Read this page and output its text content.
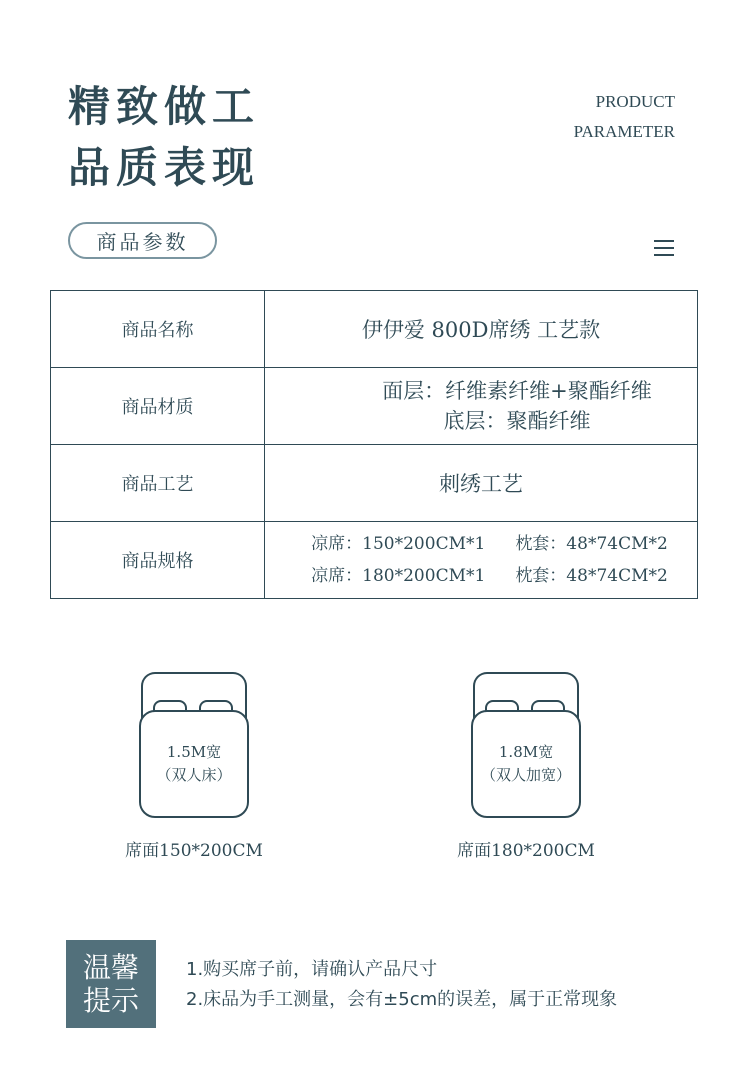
精致做工
品质表现
PRODUCT
PARAMETER
商品参数
商品名称	伊伊爱 800D席绣 工艺款
商品材质	面层：纤维素纤维+聚酯纤维
底层：聚酯纤维

商品工艺	刺绣工艺
商品规格	凉席：150*200CM*1 枕套：48*74CM*2
凉席：180*200CM*1 枕套：48*74CM*2
1.5M宽
（双人床）
席面150*200CM
1.8M宽
（双人加宽）
席面180*200CM
温馨
提示
1.购买席子前，请确认产品尺寸
2.床品为手工测量，会有±5cm的误差，属于正常现象
